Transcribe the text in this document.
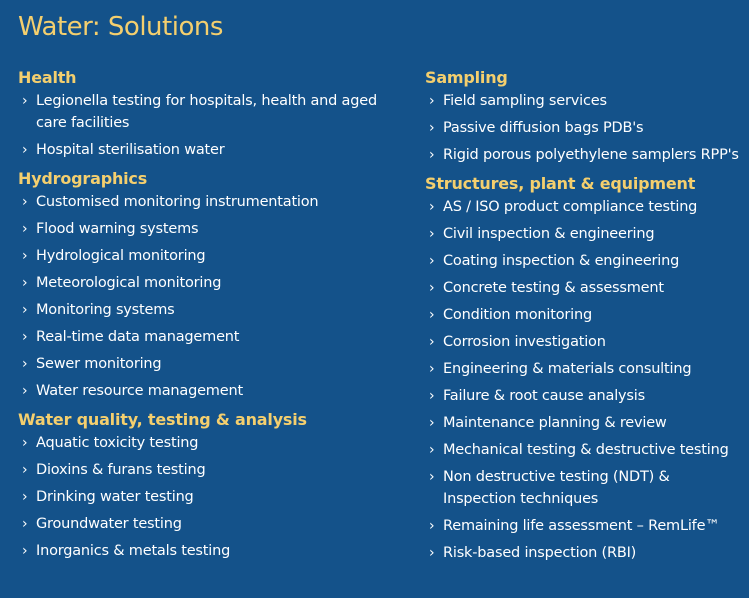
Water: Solutions
Health
› Legionella testing for hospitals, health and aged care facilities
› Hospital sterilisation water
Hydrographics
› Customised monitoring instrumentation
› Flood warning systems
› Hydrological monitoring
› Meteorological monitoring
› Monitoring systems
› Real-time data management
› Sewer monitoring
› Water resource management
Water quality, testing & analysis
› Aquatic toxicity testing
› Dioxins & furans testing
› Drinking water testing
› Groundwater testing
› Inorganics & metals testing
Sampling
› Field sampling services
› Passive diffusion bags PDB's
› Rigid porous polyethylene samplers RPP's
Structures, plant & equipment
› AS / ISO product compliance testing
› Civil inspection & engineering
› Coating inspection & engineering
› Concrete testing & assessment
› Condition monitoring
› Corrosion investigation
› Engineering & materials consulting
› Failure & root cause analysis
› Maintenance planning & review
› Mechanical testing & destructive testing
› Non destructive testing (NDT) & Inspection techniques
› Remaining life assessment – RemLife™
› Risk-based inspection (RBI)
